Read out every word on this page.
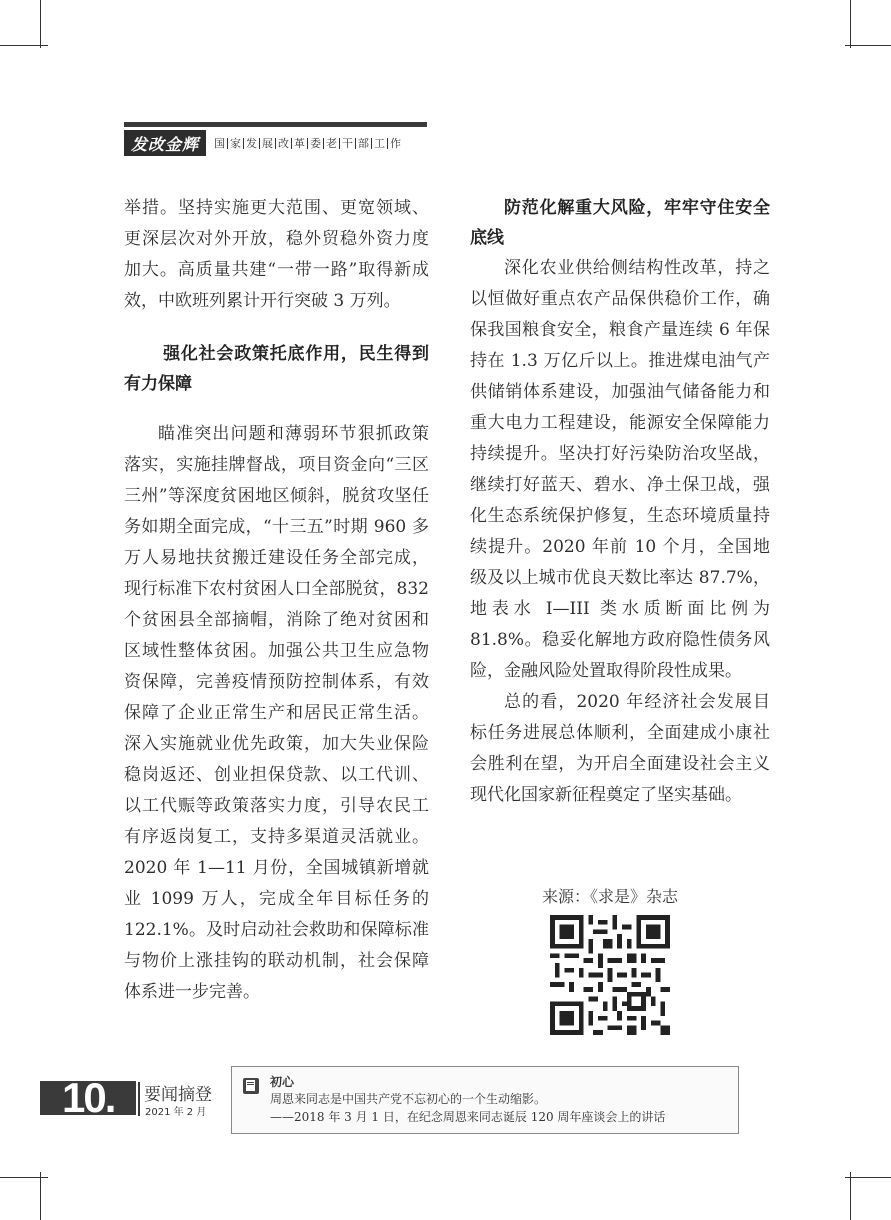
发改金辉	国 家 发 展 改 革 委 老 干 部 工 作

举措。坚持实施更大范围、更宽领域、更深层次对外开放，稳外贸稳外资力度加大。高质量共建“一带一路”取得新成效，中欧班列累计开行突破 3 万列。

强化社会政策托底作用，民生得到有力保障

瞄准突出问题和薄弱环节狠抓政策落实，实施挂牌督战，项目资金向“三区三州”等深度贫困地区倾斜，脱贫攻坚任务如期全面完成，“十三五”时期 960 多万人易地扶贫搬迁建设任务全部完成，现行标准下农村贫困人口全部脱贫，832 个贫困县全部摘帽，消除了绝对贫困和区域性整体贫困。加强公共卫生应急物资保障，完善疫情预防控制体系，有效保障了企业正常生产和居民正常生活。深入实施就业优先政策，加大失业保险稳岗返还、创业担保贷款、以工代训、以工代赈等政策落实力度，引导农民工有序返岗复工，支持多渠道灵活就业。2020 年 1—11 月份，全国城镇新增就业 1099 万人，完成全年目标任务的 122.1%。及时启动社会救助和保障标准与物价上涨挂钩的联动机制，社会保障体系进一步完善。

防范化解重大风险，牢牢守住安全底线

深化农业供给侧结构性改革，持之以恒做好重点农产品保供稳价工作，确保我国粮食安全，粮食产量连续 6 年保持在 1.3 万亿斤以上。推进煤电油气产供储销体系建设，加强油气储备能力和重大电力工程建设，能源安全保障能力持续提升。坚决打好污染防治攻坚战，继续打好蓝天、碧水、净土保卫战，强化生态系统保护修复，生态环境质量持续提升。2020 年前 10 个月，全国地级及以上城市优良天数比率达 87.7%，地表水 I—III 类水质断面比例为 81.8%。稳妥化解地方政府隐性债务风险，金融风险处置取得阶段性成果。

总的看，2020 年经济社会发展目标任务进展总体顺利，全面建成小康社会胜利在望，为开启全面建设社会主义现代化国家新征程奠定了坚实基础。

来源：《求是》杂志
10. 要闻摘登
2021 年 2 月
初心
周恩来同志是中国共产党不忘初心的一个生动缩影。
——2018 年 3 月 1 日，在纪念周恩来同志诞辰 120 周年座谈会上的讲话
